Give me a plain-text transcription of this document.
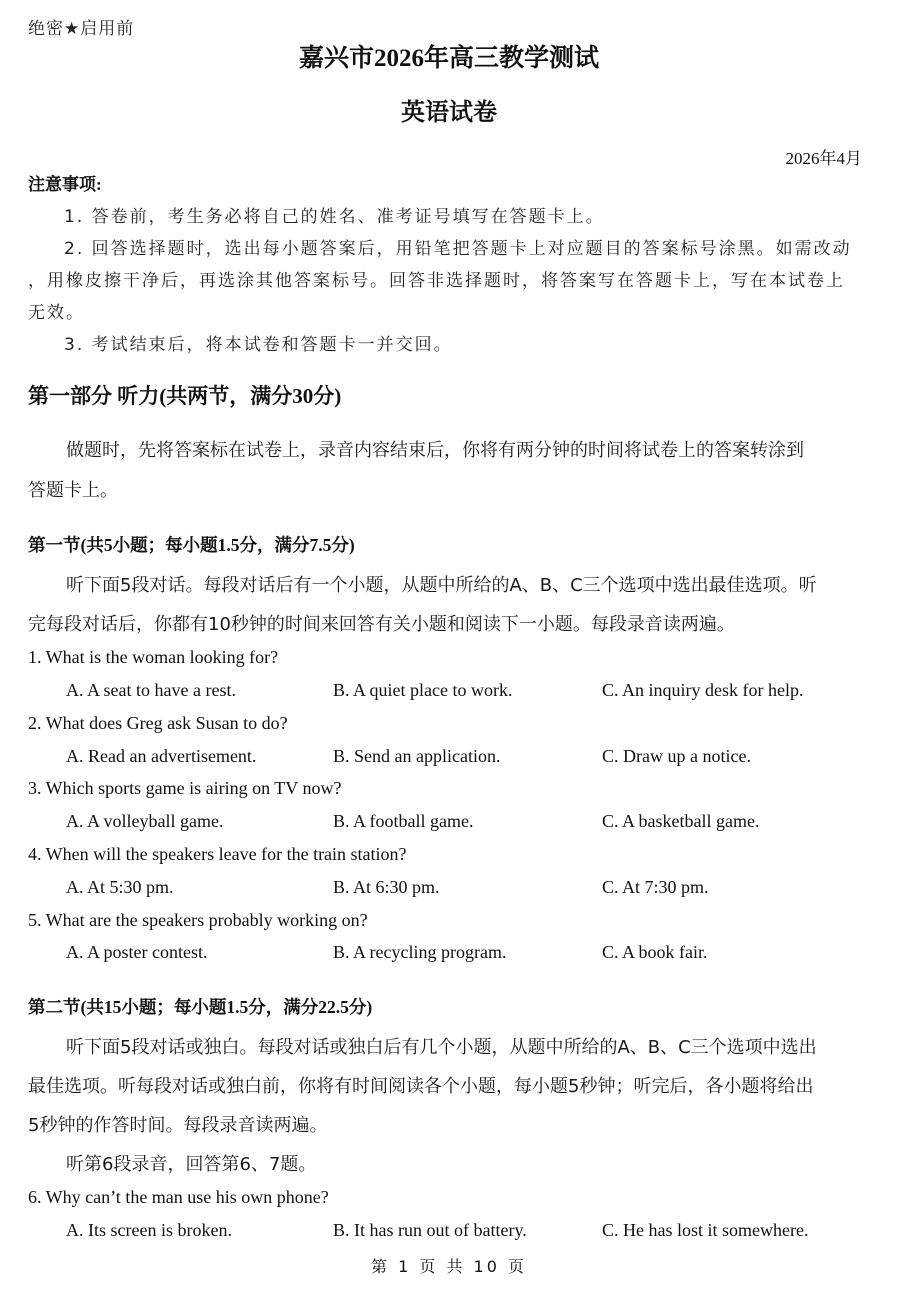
绝密★启用前
嘉兴市2026年高三教学测试
英语试卷
2026年4月
注意事项:
1. 答卷前，考生务必将自己的姓名、准考证号填写在答题卡上。
2. 回答选择题时，选出每小题答案后，用铅笔把答题卡上对应题目的答案标号涂黑。如需改动
，用橡皮擦干净后，再选涂其他答案标号。回答非选择题时，将答案写在答题卡上，写在本试卷上
无效。
3. 考试结束后，将本试卷和答题卡一并交回。
第一部分 听力(共两节，满分30分)
做题时，先将答案标在试卷上，录音内容结束后，你将有两分钟的时间将试卷上的答案转涂到
答题卡上。
第一节(共5小题；每小题1.5分，满分7.5分)
听下面5段对话。每段对话后有一个小题，从题中所给的A、B、C三个选项中选出最佳选项。听
完每段对话后，你都有10秒钟的时间来回答有关小题和阅读下一小题。每段录音读两遍。
1. What is the woman looking for?
A. A seat to have a rest.	B. A quiet place to work.	C. An inquiry desk for help.
2. What does Greg ask Susan to do?
A. Read an advertisement.	B. Send an application.	C. Draw up a notice.
3. Which sports game is airing on TV now?
A. A volleyball game.	B. A football game.	C. A basketball game.
4. When will the speakers leave for the train station?
A. At 5:30 pm.	B. At 6:30 pm.	C. At 7:30 pm.
5. What are the speakers probably working on?
A. A poster contest.	B. A recycling program.	C. A book fair.
第二节(共15小题；每小题1.5分，满分22.5分)
听下面5段对话或独白。每段对话或独白后有几个小题，从题中所给的A、B、C三个选项中选出
最佳选项。听每段对话或独白前，你将有时间阅读各个小题，每小题5秒钟；听完后，各小题将给出
5秒钟的作答时间。每段录音读两遍。
听第6段录音，回答第6、7题。
6. Why can’t the man use his own phone?
A. Its screen is broken.	B. It has run out of battery.	C. He has lost it somewhere.
第 1 页 共 10 页
